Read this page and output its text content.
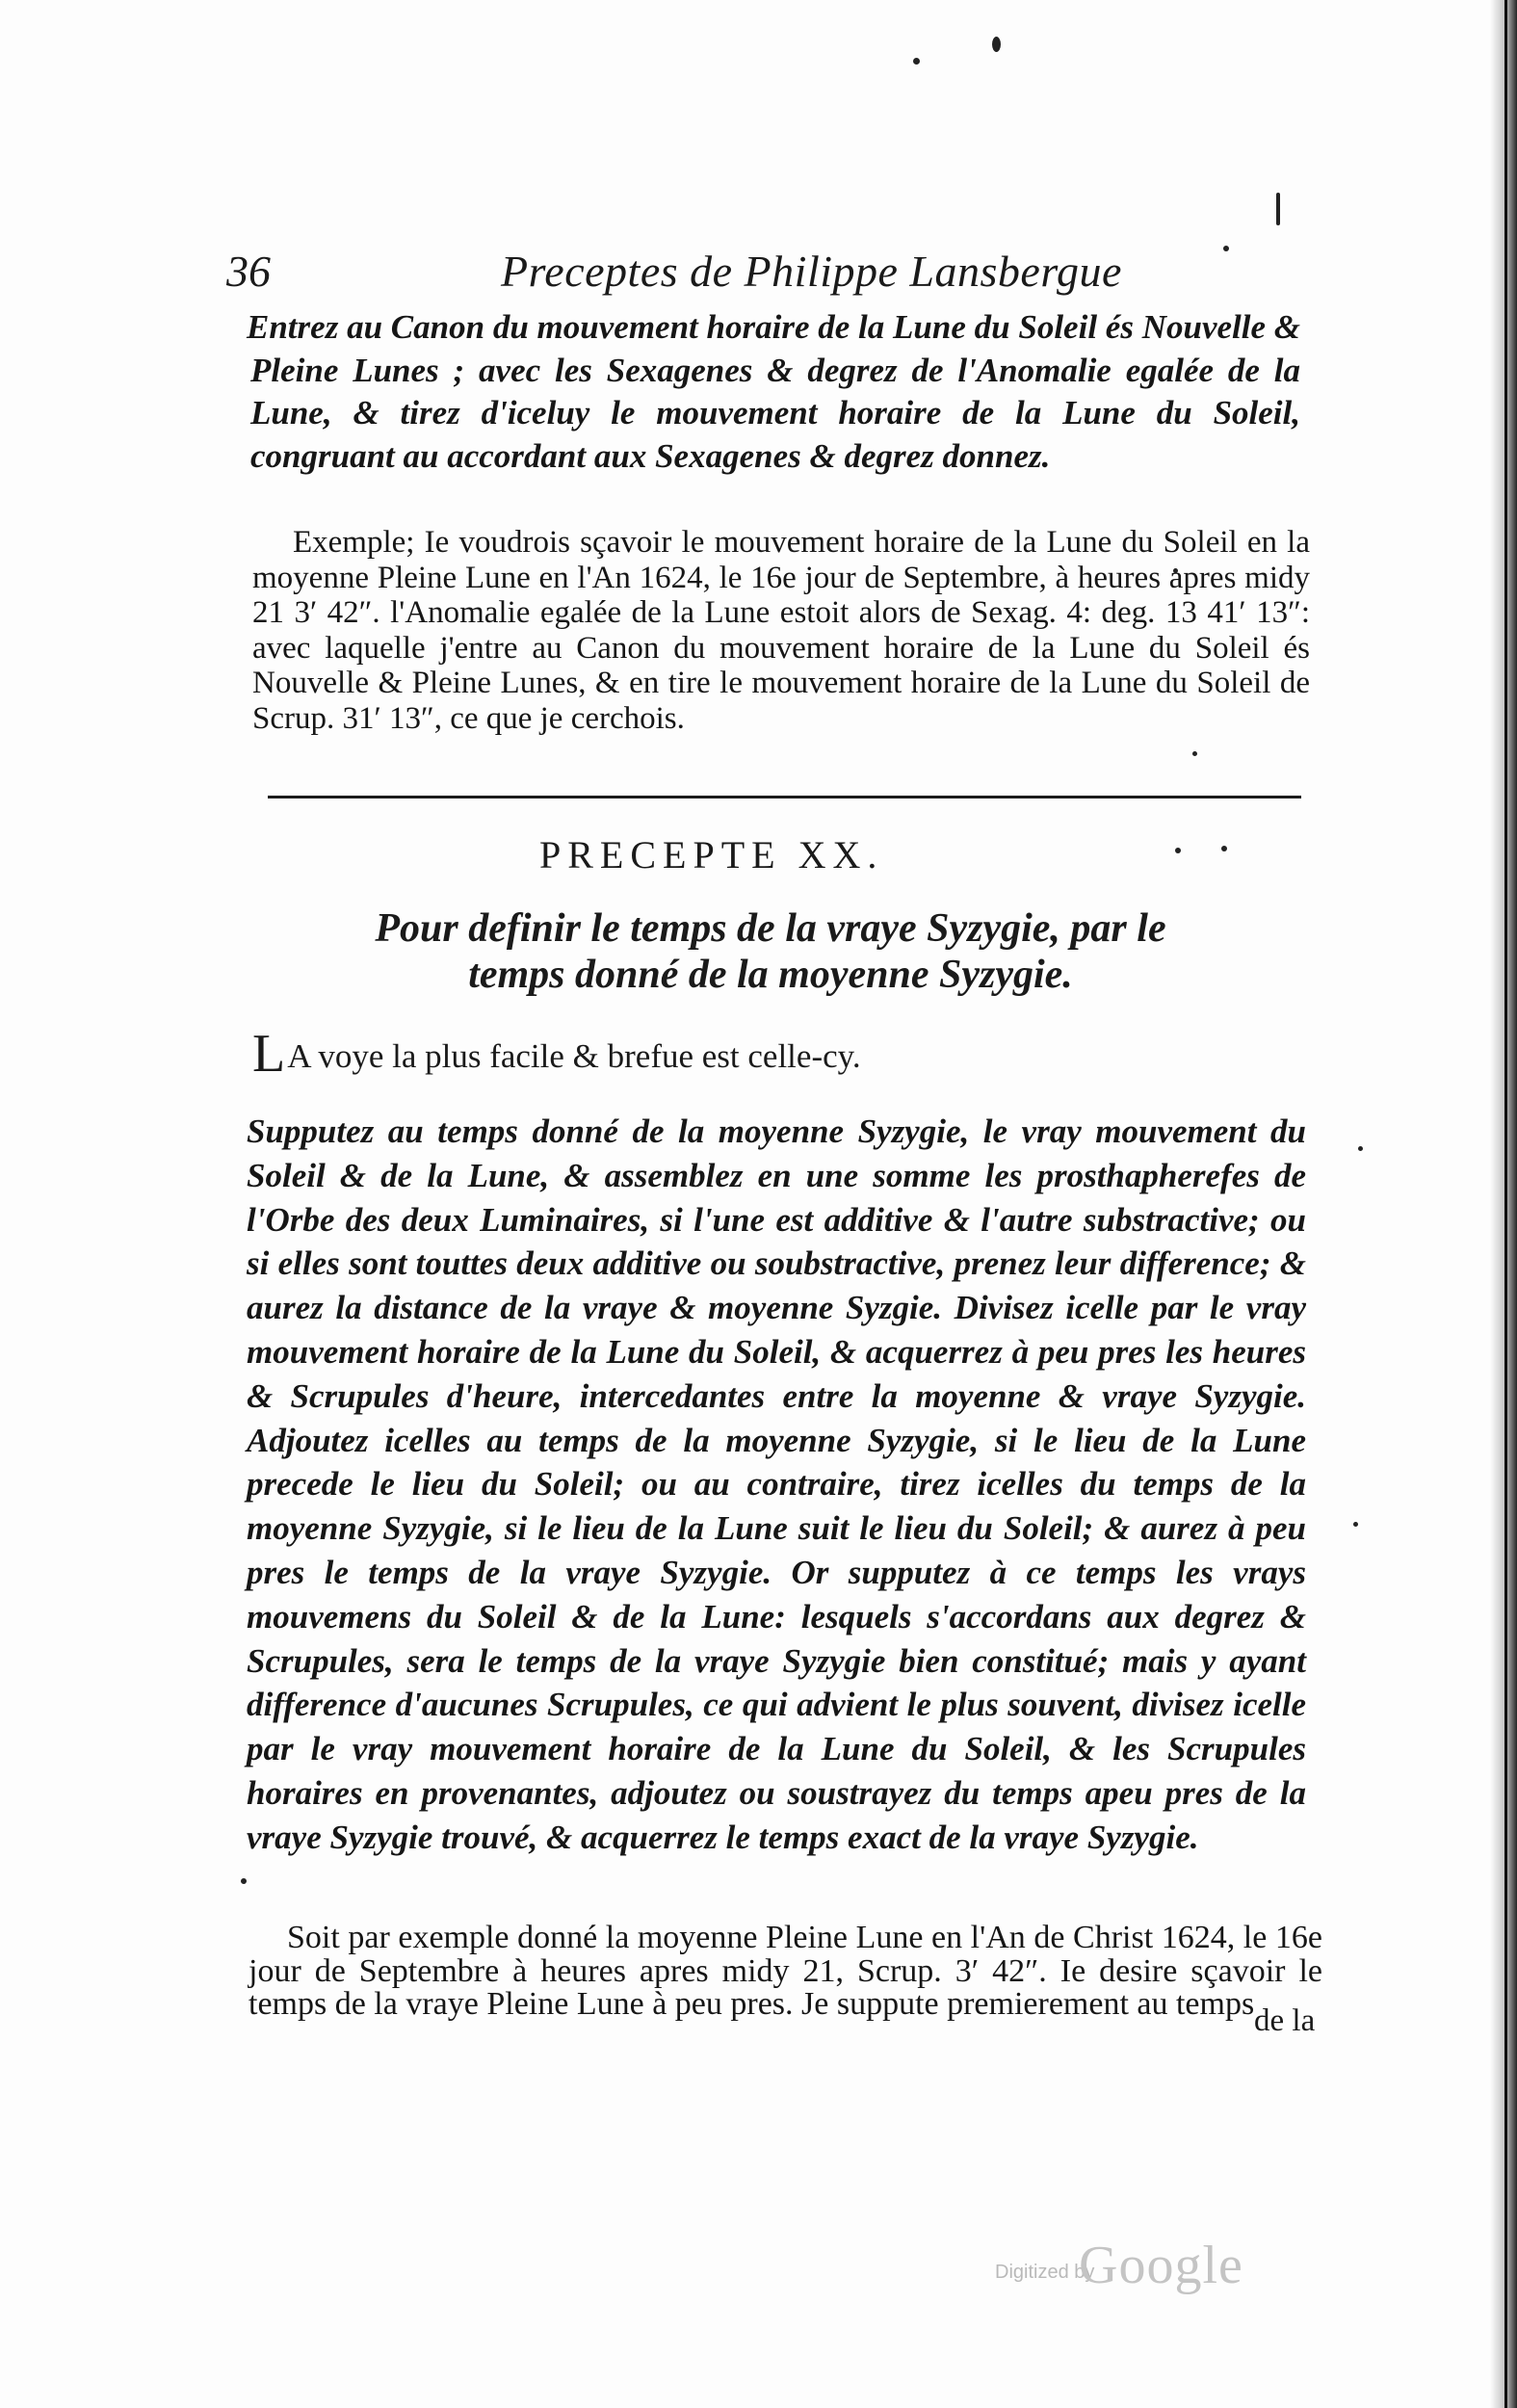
36	Preceptes de Philippe Lansbergue
Entrez au Canon du mouvement horaire de la Lune du Soleil és Nouvelle & Pleine Lunes ; avec les Sexagenes & degrez de l'Anomalie egalée de la Lune, & tirez d'iceluy le mouvement horaire de la Lune du Soleil, congruant au accordant aux Sexagenes & degrez donnez.
Exemple; Ie voudrois sçavoir le mouvement horaire de la Lune du Soleil en la moyenne Pleine Lune en l'An 1624, le 16e jour de Septembre, à heures apres midy 21 3′ 42″. l'Anomalie egalée de la Lune estoit alors de Sexag. 4: deg. 13 41′ 13″: avec laquelle j'entre au Canon du mouvement horaire de la Lune du Soleil és Nouvelle & Pleine Lunes, & en tire le mouvement horaire de la Lune du Soleil de Scrup. 31′ 13″, ce que je cerchois.
PRECEPTE XX.
Pour definir le temps de la vraye Syzygie, par le
temps donné de la moyenne Syzygie.
LA voye la plus facile & brefue est celle-cy.
Supputez au temps donné de la moyenne Syzygie, le vray mouvement du Soleil & de la Lune, & assemblez en une somme les prosthapherefes de l'Orbe des deux Luminaires, si l'une est additive & l'autre substractive; ou si elles sont touttes deux additive ou soubstractive, prenez leur difference; & aurez la distance de la vraye & moyenne Syzgie. Divisez icelle par le vray mouvement horaire de la Lune du Soleil, & acquerrez à peu pres les heures & Scrupules d'heure, intercedantes entre la moyenne & vraye Syzygie. Adjoutez icelles au temps de la moyenne Syzygie, si le lieu de la Lune precede le lieu du Soleil; ou au contraire, tirez icelles du temps de la moyenne Syzygie, si le lieu de la Lune suit le lieu du Soleil; & aurez à peu pres le temps de la vraye Syzygie. Or supputez à ce temps les vrays mouvemens du Soleil & de la Lune: lesquels s'accordans aux degrez & Scrupules, sera le temps de la vraye Syzygie bien constitué; mais y ayant difference d'aucunes Scrupules, ce qui advient le plus souvent, divisez icelle par le vray mouvement horaire de la Lune du Soleil, & les Scrupules horaires en provenantes, adjoutez ou soustrayez du temps apeu pres de la vraye Syzygie trouvé, & acquerrez le temps exact de la vraye Syzygie.
Soit par exemple donné la moyenne Pleine Lune en l'An de Christ 1624, le 16e jour de Septembre à heures apres midy 21, Scrup. 3′ 42″. Ie desire sçavoir le temps de la vraye Pleine Lune à peu pres. Je suppute premierement au temps de la
Digitized by
Google
